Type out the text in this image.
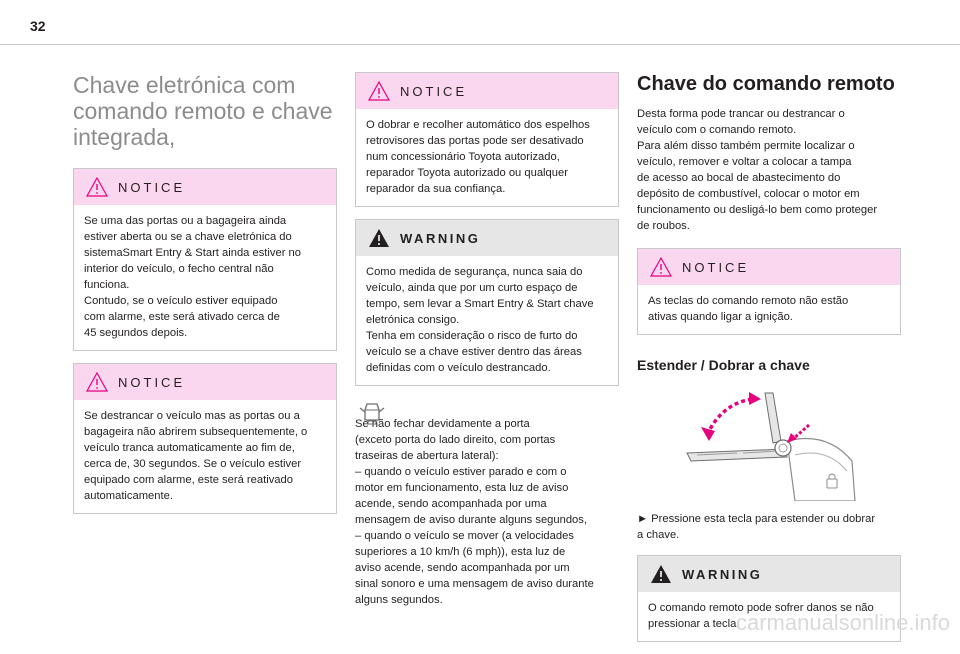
32
Chave eletrónica com comando remoto e chave integrada,
NOTICE
Se uma das portas ou a bagageira ainda
estiver aberta ou se a chave eletrónica do
sistemaSmart Entry & Start ainda estiver no
interior do veículo, o fecho central não
funciona.
Contudo, se o veículo estiver equipado
com alarme, este será ativado cerca de
45 segundos depois.
NOTICE
Se destrancar o veículo mas as portas ou a
bagageira não abrirem subsequentemente, o
veículo tranca automaticamente ao fim de,
cerca de, 30 segundos. Se o veículo estiver
equipado com alarme, este será reativado
automaticamente.
NOTICE
O dobrar e recolher automático dos espelhos
retrovisores das portas pode ser desativado
num concessionário Toyota autorizado,
reparador Toyota autorizado ou qualquer
reparador da sua confiança.
WARNING
Como medida de segurança, nunca saia do
veículo, ainda que por um curto espaço de
tempo, sem levar a Smart Entry & Start chave
eletrónica consigo.
Tenha em consideração o risco de furto do
veículo se a chave estiver dentro das áreas
definidas com o veículo destrancado.

Se não fechar devidamente a porta
(exceto porta do lado direito, com portas
traseiras de abertura lateral):
– quando o veículo estiver parado e com o
motor em funcionamento, esta luz de aviso
acende, sendo acompanhada por uma
mensagem de aviso durante alguns segundos,
– quando o veículo se mover (a velocidades
superiores a 10 km/h (6 mph)), esta luz de
aviso acende, sendo acompanhada por um
sinal sonoro e uma mensagem de aviso durante
alguns segundos.

Chave do comando remoto
Desta forma pode trancar ou destrancar o
veículo com o comando remoto.
Para além disso também permite localizar o
veículo, remover e voltar a colocar a tampa
de acesso ao bocal de abastecimento do
depósito de combustível, colocar o motor em
funcionamento ou desligá-lo bem como proteger
de roubos.
NOTICE
As teclas do comando remoto não estão
ativas quando ligar a ignição.
Estender / Dobrar a chave
► Pressione esta tecla para estender ou dobrar
a chave.
WARNING
O comando remoto pode sofrer danos se não
pressionar a tecla.
carmanualsonline.info
